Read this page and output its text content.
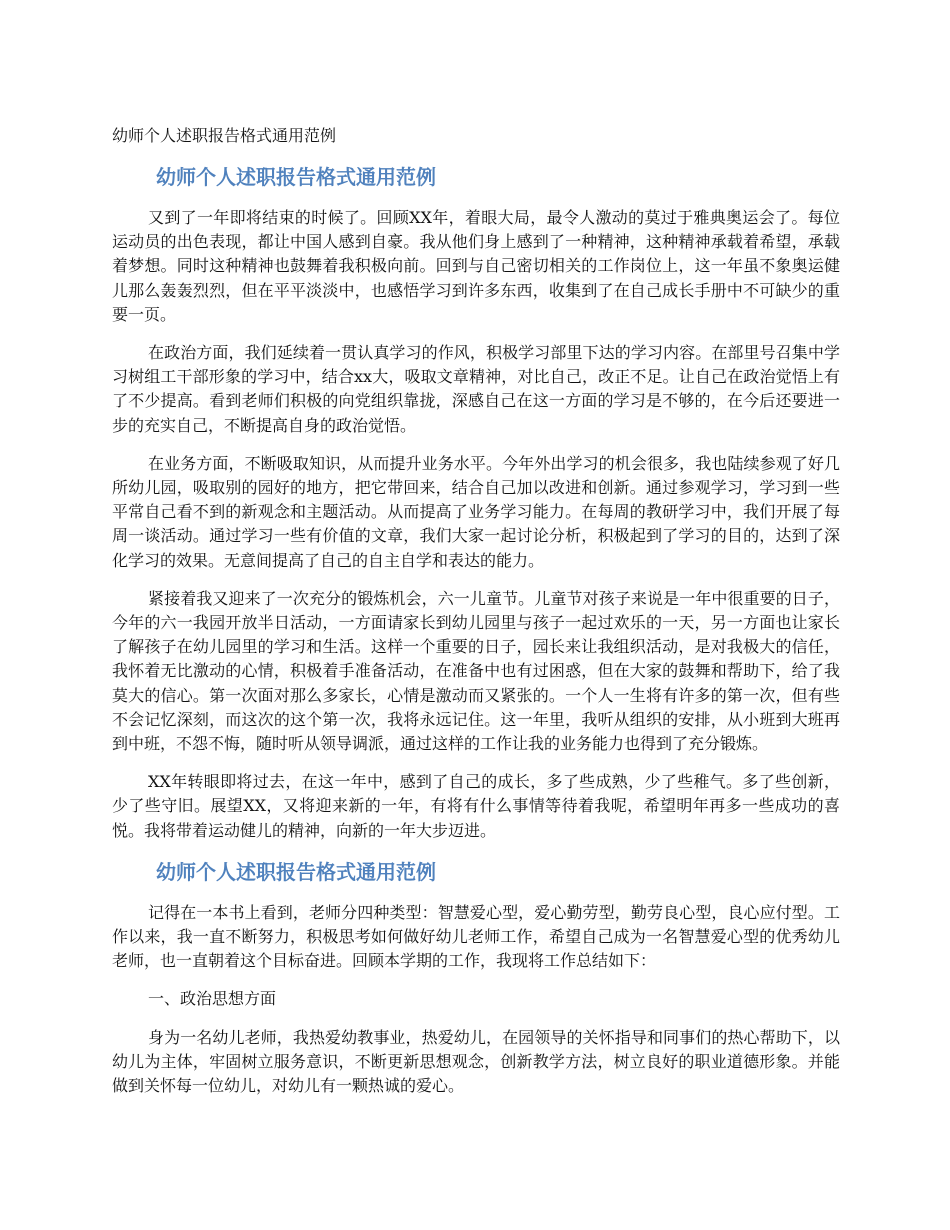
幼师个人述职报告格式通用范例
幼师个人述职报告格式通用范例

又到了一年即将结束的时候了。回顾XX年，着眼大局，最令人激动的莫过于雅典奥运会了。每位运动员的出色表现，都让中国人感到自豪。我从他们身上感到了一种精神，这种精神承载着希望，承载着梦想。同时这种精神也鼓舞着我积极向前。回到与自己密切相关的工作岗位上，这一年虽不象奥运健儿那么轰轰烈烈，但在平平淡淡中，也感悟学习到许多东西，收集到了在自己成长手册中不可缺少的重要一页。

在政治方面，我们延续着一贯认真学习的作风，积极学习部里下达的学习内容。在部里号召集中学习树组工干部形象的学习中，结合xx大，吸取文章精神，对比自己，改正不足。让自己在政治觉悟上有了不少提高。看到老师们积极的向党组织靠拢，深感自己在这一方面的学习是不够的，在今后还要进一步的充实自己，不断提高自身的政治觉悟。

在业务方面，不断吸取知识，从而提升业务水平。今年外出学习的机会很多，我也陆续参观了好几所幼儿园，吸取别的园好的地方，把它带回来，结合自己加以改进和创新。通过参观学习，学习到一些平常自己看不到的新观念和主题活动。从而提高了业务学习能力。在每周的教研学习中，我们开展了每周一谈活动。通过学习一些有价值的文章，我们大家一起讨论分析，积极起到了学习的目的，达到了深化学习的效果。无意间提高了自己的自主自学和表达的能力。

紧接着我又迎来了一次充分的锻炼机会，六一儿童节。儿童节对孩子来说是一年中很重要的日子，今年的六一我园开放半日活动，一方面请家长到幼儿园里与孩子一起过欢乐的一天，另一方面也让家长了解孩子在幼儿园里的学习和生活。这样一个重要的日子，园长来让我组织活动，是对我极大的信任，我怀着无比激动的心情，积极着手准备活动，在准备中也有过困惑，但在大家的鼓舞和帮助下，给了我莫大的信心。第一次面对那么多家长，心情是激动而又紧张的。一个人一生将有许多的第一次，但有些不会记忆深刻，而这次的这个第一次，我将永远记住。这一年里，我听从组织的安排，从小班到大班再到中班，不怨不悔，随时听从领导调派，通过这样的工作让我的业务能力也得到了充分锻炼。

XX年转眼即将过去，在这一年中，感到了自己的成长，多了些成熟，少了些稚气。多了些创新，少了些守旧。展望XX，又将迎来新的一年，有将有什么事情等待着我呢，希望明年再多一些成功的喜悦。我将带着运动健儿的精神，向新的一年大步迈进。

幼师个人述职报告格式通用范例

记得在一本书上看到，老师分四种类型：智慧爱心型，爱心勤劳型，勤劳良心型，良心应付型。工作以来，我一直不断努力，积极思考如何做好幼儿老师工作，希望自己成为一名智慧爱心型的优秀幼儿老师，也一直朝着这个目标奋进。回顾本学期的工作，我现将工作总结如下：

一、政治思想方面

身为一名幼儿老师，我热爱幼教事业，热爱幼儿，在园领导的关怀指导和同事们的热心帮助下，以幼儿为主体，牢固树立服务意识，不断更新思想观念，创新教学方法，树立良好的职业道德形象。并能做到关怀每一位幼儿，对幼儿有一颗热诚的爱心。
